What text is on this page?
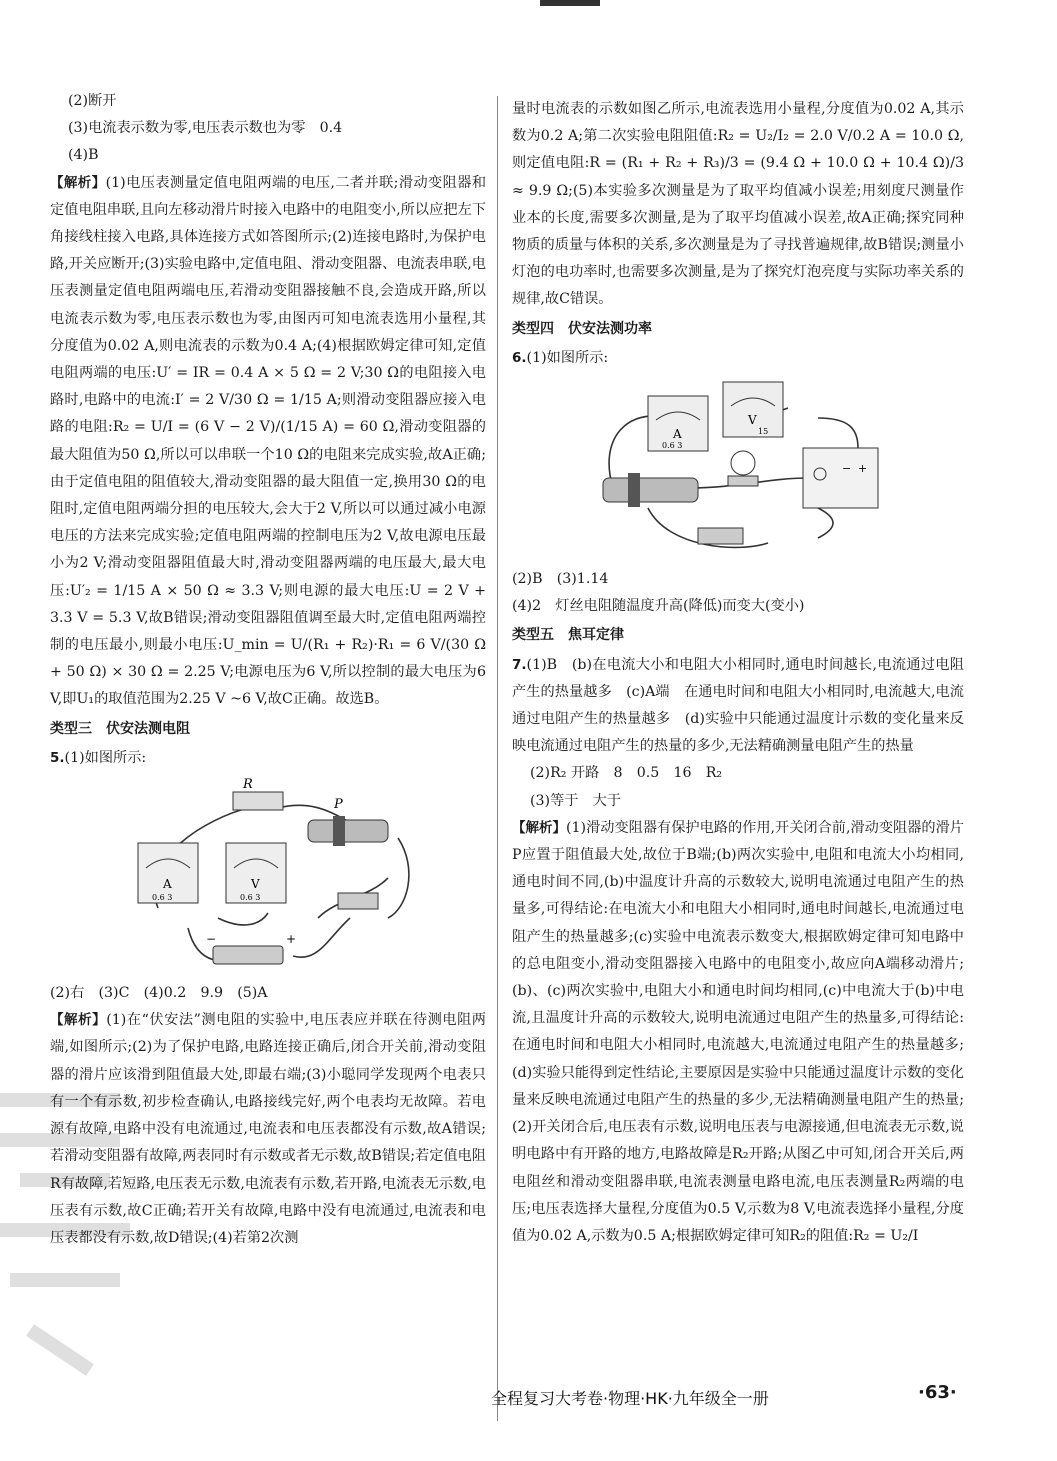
(2)断开

(3)电流表示数为零,电压表示数也为零　0.4

(4)B

【解析】(1)电压表测量定值电阻两端的电压,二者并联;滑动变阻器和定值电阻串联,且向左移动滑片时接入电路中的电阻变小,所以应把左下角接线柱接入电路,具体连接方式如答图所示;(2)连接电路时,为保护电路,开关应断开;(3)实验电路中,定值电阻、滑动变阻器、电流表串联,电压表测量定值电阻两端电压,若滑动变阻器接触不良,会造成开路,所以电流表示数为零,电压表示数也为零,由图丙可知电流表选用小量程,其分度值为0.02 A,则电流表的示数为0.4 A;(4)根据欧姆定律可知,定值电阻两端的电压:U′ = IR = 0.4 A × 5 Ω = 2 V;30 Ω的电阻接入电路时,电路中的电流:I′ = 2 V/30 Ω = 1/15 A;则滑动变阻器应接入电路的电阻:R₂ = U/I = (6 V − 2 V)/(1/15 A) = 60 Ω,滑动变阻器的最大阻值为50 Ω,所以可以串联一个10 Ω的电阻来完成实验,故A正确;由于定值电阻的阻值较大,滑动变阻器的最大阻值一定,换用30 Ω的电阻时,定值电阻两端分担的电压较大,会大于2 V,所以可以通过减小电源电压的方法来完成实验;定值电阻两端的控制电压为2 V,故电源电压最小为2 V;滑动变阻器阻值最大时,滑动变阻器两端的电压最大,最大电压:U′₂ = 1/15 A × 50 Ω ≈ 3.3 V;则电源的最大电压:U = 2 V + 3.3 V = 5.3 V,故B错误;滑动变阻器阻值调至最大时,定值电阻两端控制的电压最小,则最小电压:U_min = U/(R₁ + R₂)·R₁ = 6 V/(30 Ω + 50 Ω) × 30 Ω = 2.25 V;电源电压为6 V,所以控制的最大电压为6 V,即U₁的取值范围为2.25 V ~6 V,故C正确。故选B。

类型三　伏安法测电阻

5.(1)如图所示:

R
P
A
0.6 3
V
0.6 3
−	+

(2)右　(3)C　(4)0.2　9.9　(5)A

【解析】(1)在“伏安法”测电阻的实验中,电压表应并联在待测电阻两端,如图所示;(2)为了保护电路,电路连接正确后,闭合开关前,滑动变阻器的滑片应该滑到阻值最大处,即最右端;(3)小聪同学发现两个电表只有一个有示数,初步检查确认,电路接线完好,两个电表均无故障。若电源有故障,电路中没有电流通过,电流表和电压表都没有示数,故A错误;若滑动变阻器有故障,两表同时有示数或者无示数,故B错误;若定值电阻R有故障,若短路,电压表无示数,电流表有示数,若开路,电流表无示数,电压表有示数,故C正确;若开关有故障,电路中没有电流通过,电流表和电压表都没有示数,故D错误;(4)若第2次测

量时电流表的示数如图乙所示,电流表选用小量程,分度值为0.02 A,其示数为0.2 A;第二次实验电阻阻值:R₂ = U₂/I₂ = 2.0 V/0.2 A = 10.0 Ω,则定值电阻:R = (R₁ + R₂ + R₃)/3 = (9.4 Ω + 10.0 Ω + 10.4 Ω)/3 ≈ 9.9 Ω;(5)本实验多次测量是为了取平均值减小误差;用刻度尺测量作业本的长度,需要多次测量,是为了取平均值减小误差,故A正确;探究同种物质的质量与体积的关系,多次测量是为了寻找普遍规律,故B错误;测量小灯泡的电功率时,也需要多次测量,是为了探究灯泡亮度与实际功率关系的规律,故C错误。

类型四　伏安法测功率

6.(1)如图所示:

A
0.6 3
V
15
− +

(2)B　(3)1.14

(4)2　灯丝电阻随温度升高(降低)而变大(变小)

类型五　焦耳定律

7.(1)B　(b)在电流大小和电阻大小相同时,通电时间越长,电流通过电阻产生的热量越多　(c)A端　在通电时间和电阻大小相同时,电流越大,电流通过电阻产生的热量越多　(d)实验中只能通过温度计示数的变化量来反映电流通过电阻产生的热量的多少,无法精确测量电阻产生的热量

(2)R₂ 开路　8　0.5　16　R₂

(3)等于　大于

【解析】(1)滑动变阻器有保护电路的作用,开关闭合前,滑动变阻器的滑片P应置于阻值最大处,故位于B端;(b)两次实验中,电阻和电流大小均相同,通电时间不同,(b)中温度计升高的示数较大,说明电流通过电阻产生的热量多,可得结论:在电流大小和电阻大小相同时,通电时间越长,电流通过电阻产生的热量越多;(c)实验中电流表示数变大,根据欧姆定律可知电路中的总电阻变小,滑动变阻器接入电路中的电阻变小,故应向A端移动滑片;(b)、(c)两次实验中,电阻大小和通电时间均相同,(c)中电流大于(b)中电流,且温度计升高的示数较大,说明电流通过电阻产生的热量多,可得结论:在通电时间和电阻大小相同时,电流越大,电流通过电阻产生的热量越多;(d)实验只能得到定性结论,主要原因是实验中只能通过温度计示数的变化量来反映电流通过电阻产生的热量的多少,无法精确测量电阻产生的热量;(2)开关闭合后,电压表有示数,说明电压表与电源接通,但电流表无示数,说明电路中有开路的地方,电路故障是R₂开路;从图乙中可知,闭合开关后,两电阻丝和滑动变阻器串联,电流表测量电路电流,电压表测量R₂两端的电压;电压表选择大量程,分度值为0.5 V,示数为8 V,电流表选择小量程,分度值为0.02 A,示数为0.5 A;根据欧姆定律可知R₂的阻值:R₂ = U₂/I

全程复习大考卷·物理·HK·九年级全一册	·63·
